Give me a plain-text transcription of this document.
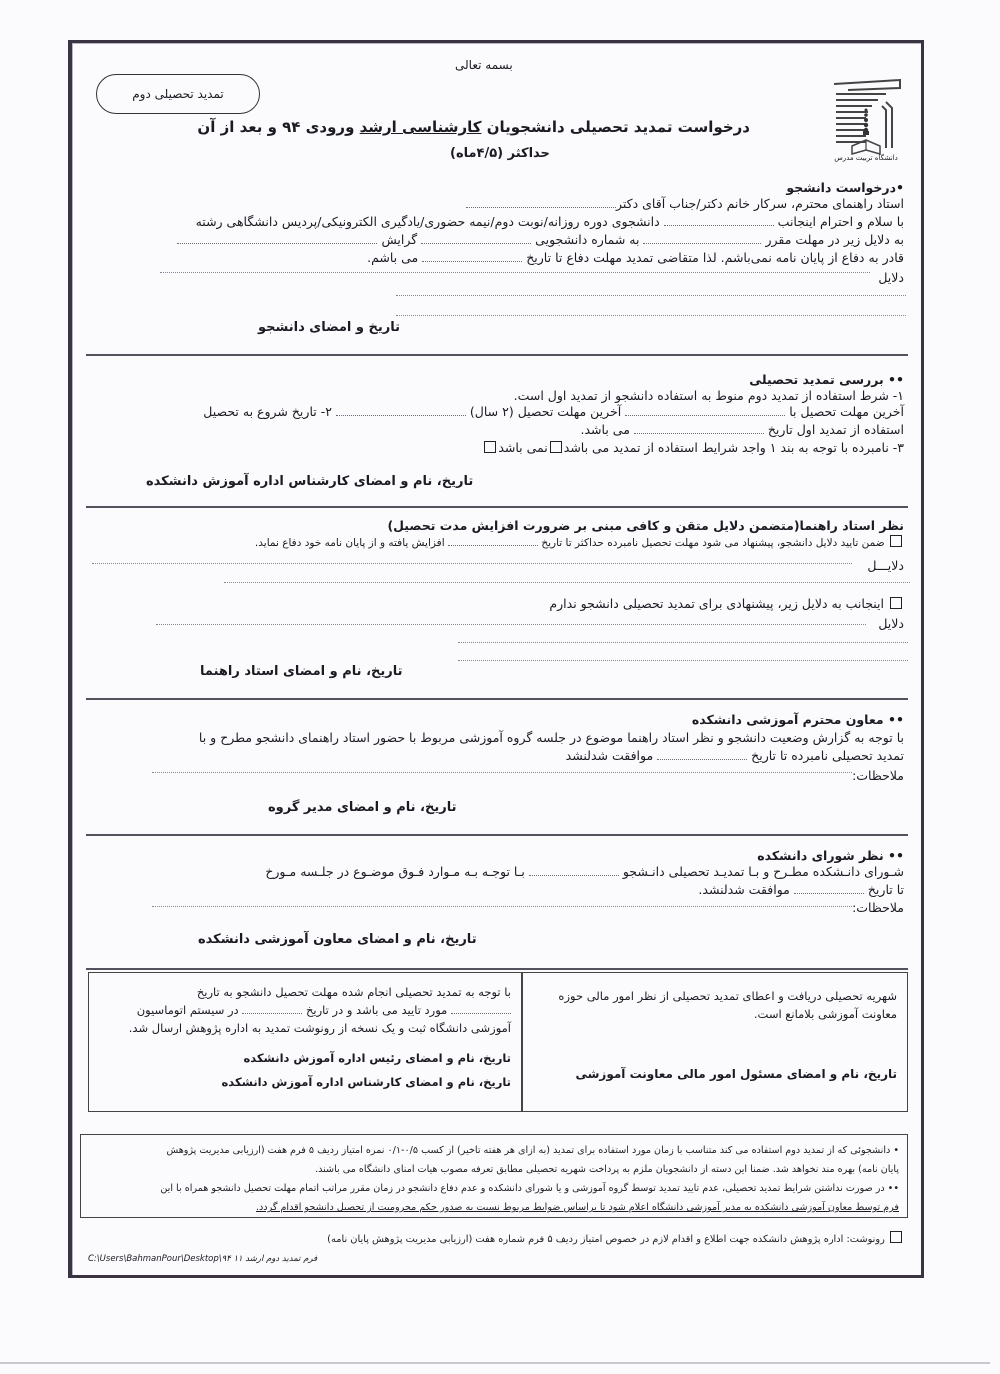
بسمه تعالی
تمدید تحصیلی دوم
درخواست تمدید تحصیلی دانشجویان کارشناسی ارشد ورودی ۹۴ و بعد از آن
حداکثر (۴/۵ماه)	دانشگاه تربیت مدرس
•درخواست دانشجو
استاد راهنمای محترم، سرکار خانم دکتر/جناب آقای دکتر
با سلام و احترام اینجانب  دانشجوی دوره روزانه/نوبت دوم/نیمه حضوری/یادگیری الکترونیکی/پردیس دانشگاهی رشته
به دلایل زیر در مهلت مقرر  به شماره دانشجویی  گرایش
قادر به دفاع از پایان نامه نمی‌باشم. لذا متقاضی تمدید مهلت دفاع تا تاریخ  می باشم.
دلایل
تاریخ و امضای دانشجو
•• بررسی تمدید تحصیلی
۱- شرط استفاده از تمدید دوم منوط به استفاده دانشجو از تمدید اول است.
آخرین مهلت تحصیل با  آخرین مهلت تحصیل (۲ سال)  ۲- تاریخ شروع به تحصیل
استفاده از تمدید اول تاریخ  می باشد.
۳- نامبرده با توجه به بند ۱ واجد شرایط استفاده از تمدید می باشدنمی باشد
تاریخ، نام و امضای کارشناس اداره آموزش دانشکده
نظر استاد راهنما(متضمن دلایل متقن و کافی مبنی بر ضرورت افزایش مدت تحصیل)
ضمن تایید دلایل دانشجو، پیشنهاد می شود مهلت تحصیل نامبرده حداکثر تا تاریخ  افزایش یافته و از پایان نامه خود دفاع نماید.
دلایـــل
اینجانب به دلایل زیر، پیشنهادی برای تمدید تحصیلی دانشجو ندارم
دلایل
تاریخ، نام و امضای استاد راهنما
•• معاون محترم آموزشی دانشکده
با توجه به گزارش وضعیت دانشجو و نظر استاد راهنما موضوع در جلسه گروه آموزشی مربوط با حضور استاد راهنمای دانشجو مطرح و با
تمدید تحصیلی نامبرده تا تاریخ  موافقت شدلنشد
ملاحظات:
تاریخ، نام و امضای مدیر گروه
•• نظر شورای دانشکده
شـورای دانـشکده مطـرح و بـا تمدیـد تحصیلی دانـشجو  بـا توجـه بـه مـوارد فـوق موضـوع در جلـسه مـورخ
تا تاریخ  موافقت شدلنشد.
ملاحظات:
تاریخ، نام و امضای معاون آموزشی دانشکده
شهریه تحصیلی دریافت و اعطای تمدید تحصیلی از نظر امور مالی حوزه
معاونت آموزشی بلامانع است.
تاریخ، نام و امضای مسئول امور مالی معاونت آموزشی
با توجه به تمدید تحصیلی انجام شده مهلت تحصیل دانشجو به تاریخ
مورد تایید می باشد و در تاریخ  در سیستم اتوماسیون
آموزشی دانشگاه ثبت و یک نسخه از رونوشت تمدید به اداره پژوهش ارسال شد.
تاریخ، نام و امضای رئیس اداره آموزش دانشکده
تاریخ، نام و امضای کارشناس اداره آموزش دانشکده
• دانشجوئی که از تمدید دوم استفاده می کند متناسب با زمان مورد استفاده برای تمدید (به ازای هر هفته تاخیر) از کسب ۰/۵-۰/۱ نمره امتیاز ردیف ۵ فرم هفت (ارزیابی مدیریت پژوهش
پایان نامه) بهره مند نخواهد شد. ضمنا این دسته از دانشجویان ملزم به پرداخت شهریه تحصیلی مطابق تعرفه مصوب هیات امنای دانشگاه می باشند.
•• در صورت نداشتن شرایط تمدید تحصیلی، عدم تایید تمدید توسط گروه آموزشی و یا شورای دانشکده و عدم دفاع دانشجو در زمان مقرر مراتب اتمام مهلت تحصیل دانشجو همراه با این
فرم توسط معاون آموزشی دانشکده به مدیر آموزشی دانشگاه اعلام شود تا براساس ضوابط مربوط نسبت به صدور حکم محرومیت از تحصیل دانشجو اقدام گردد.
رونوشت: اداره پژوهش دانشکده جهت اطلاع و اقدام لازم در خصوص امتیاز ردیف ۵ فرم شماره هفت (ارزیابی مدیریت پژوهش پایان نامه)
C:\Users\BahmanPour\Desktop\۹۴ فرم تمدید دوم ارشد ۱۱
